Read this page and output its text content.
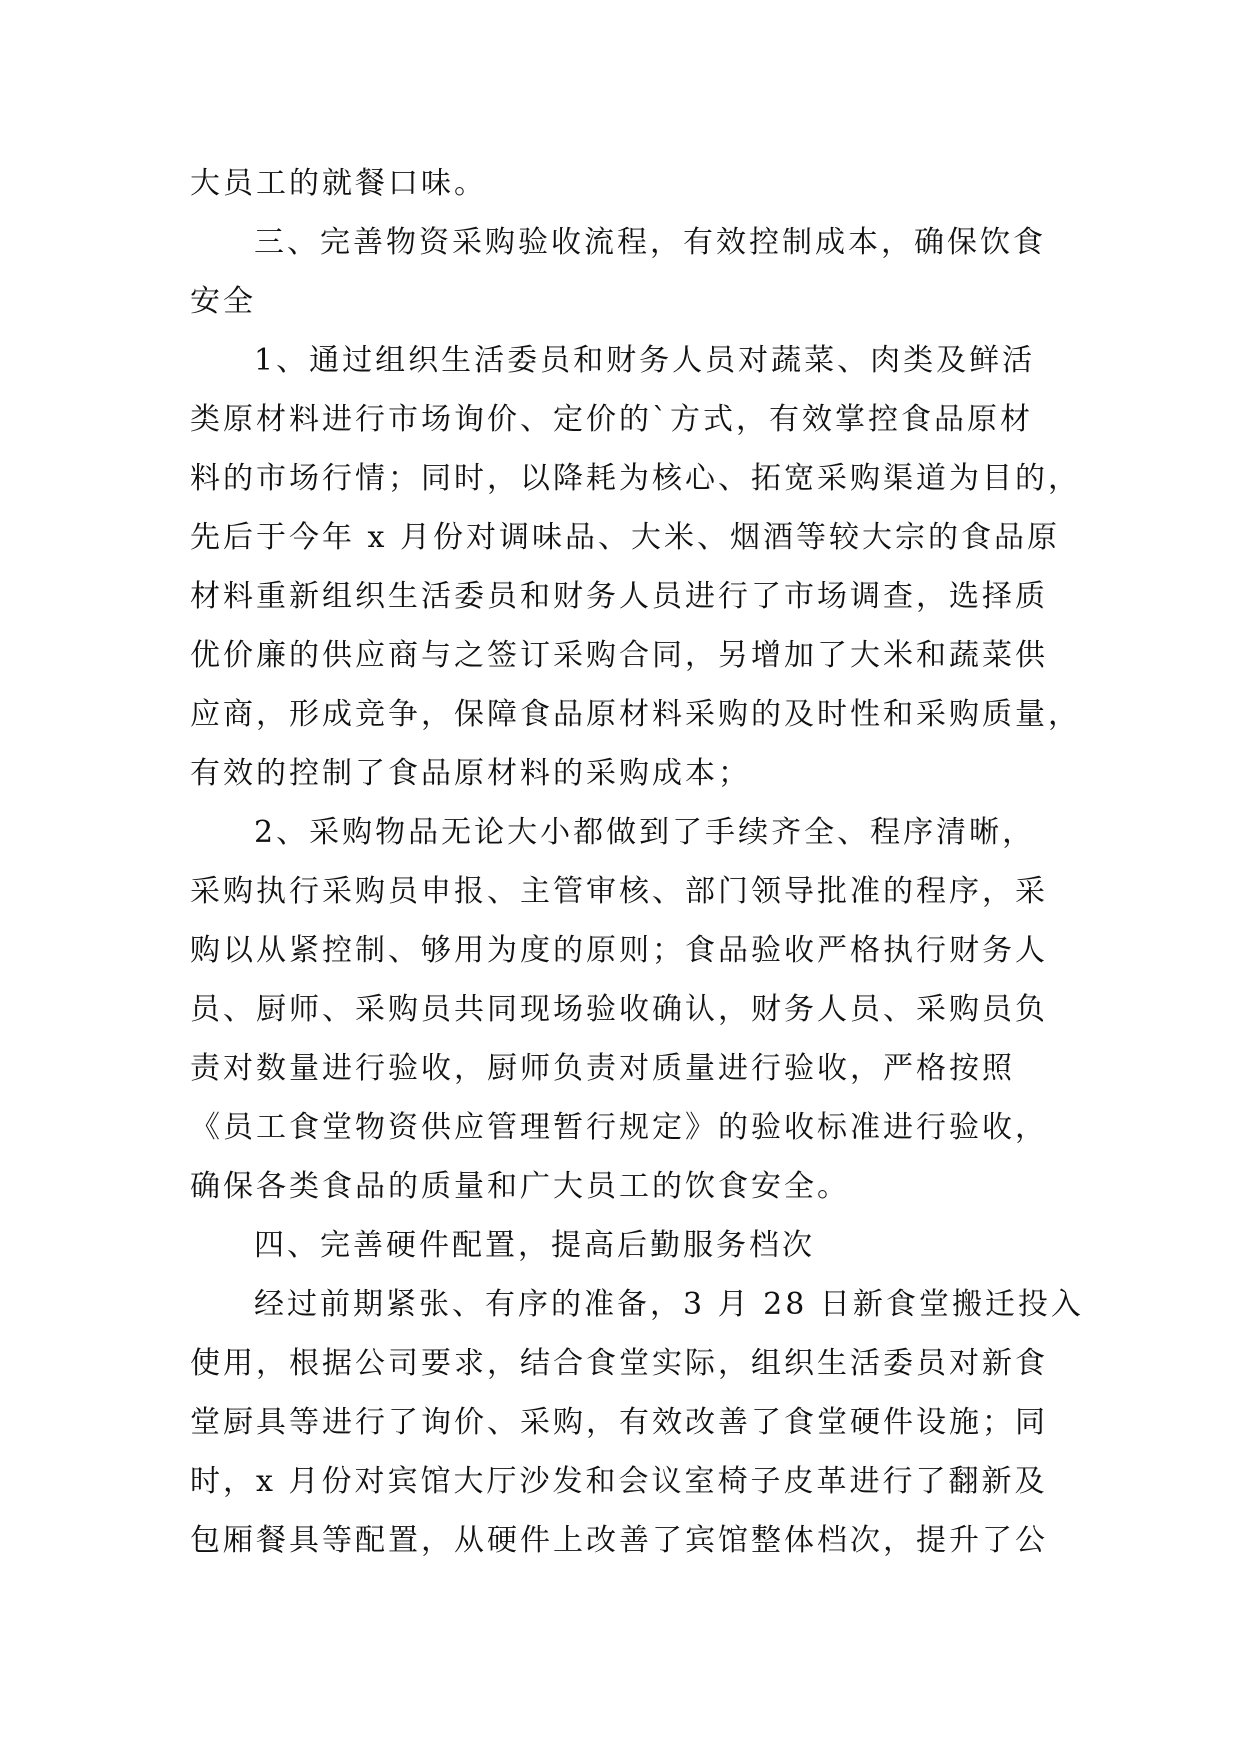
大员工的就餐口味。
三、完善物资采购验收流程，有效控制成本，确保饮食
安全
1、通过组织生活委员和财务人员对蔬菜、肉类及鲜活
类原材料进行市场询价、定价的`方式，有效掌控食品原材
料的市场行情；同时，以降耗为核心、拓宽采购渠道为目的，
先后于今年 x 月份对调味品、大米、烟酒等较大宗的食品原
材料重新组织生活委员和财务人员进行了市场调查，选择质
优价廉的供应商与之签订采购合同，另增加了大米和蔬菜供
应商，形成竞争，保障食品原材料采购的及时性和采购质量，
有效的控制了食品原材料的采购成本；
2、采购物品无论大小都做到了手续齐全、程序清晰，
采购执行采购员申报、主管审核、部门领导批准的程序，采
购以从紧控制、够用为度的原则；食品验收严格执行财务人
员、厨师、采购员共同现场验收确认，财务人员、采购员负
责对数量进行验收，厨师负责对质量进行验收，严格按照
《员工食堂物资供应管理暂行规定》的验收标准进行验收，
确保各类食品的质量和广大员工的饮食安全。
四、完善硬件配置，提高后勤服务档次
经过前期紧张、有序的准备，3 月 28 日新食堂搬迁投入
使用，根据公司要求，结合食堂实际，组织生活委员对新食
堂厨具等进行了询价、采购，有效改善了食堂硬件设施；同
时，x 月份对宾馆大厅沙发和会议室椅子皮革进行了翻新及
包厢餐具等配置，从硬件上改善了宾馆整体档次，提升了公
